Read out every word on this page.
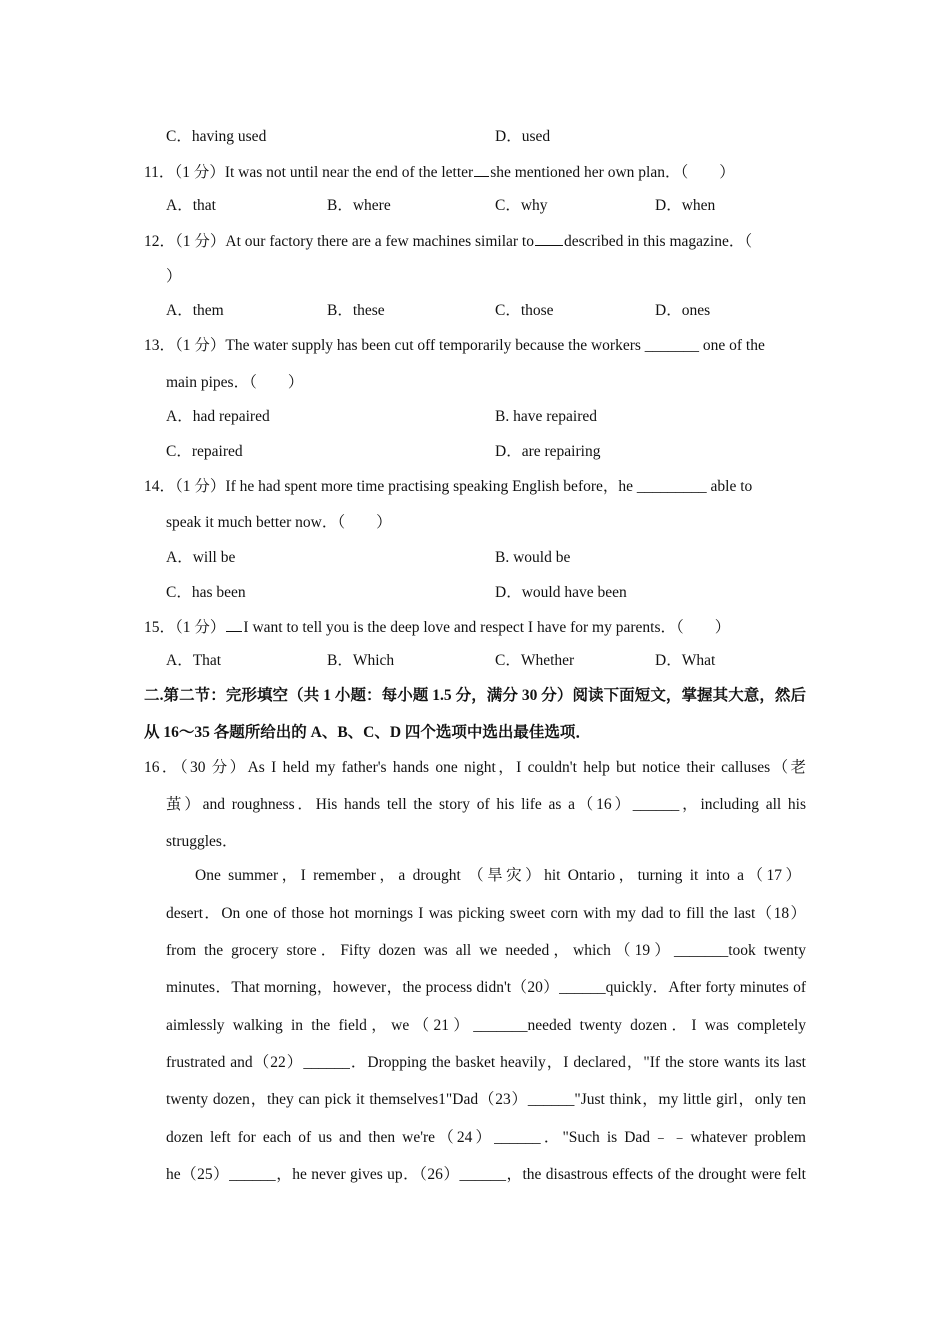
C．having used	D．used
11．（1 分）It was not until near the end of the letter she mentioned her own plan．（　　）
A．that	B．where	C．why	D．when
12．（1 分）At our factory there are a few machines similar to described in this magazine．（
）
A．them	B．these	C．those	D．ones
13．（1 分）The water supply has been cut off temporarily because the workers _______ one of the
main pipes．（　　）
A．had repaired	B. have repaired
C．repaired	D．are repairing
14．（1 分）If he had spent more time practising speaking English before，he _________ able to
speak it much better now．（　　）
A．will be	B. would be
C．has been	D．would have been
15．（1 分） I want to tell you is the deep love and respect I have for my parents．（　　）
A．That	B．Which	C．Whether	D．What
二.第二节：完形填空（共 1 小题：每小题 1.5 分，满分 30 分）阅读下面短文，掌握其大意，然后
从 16～35 各题所给出的 A、B、C、D 四个选项中选出最佳选项．
16．（30 分）As I held my father's hands one night，I couldn't help but notice their calluses（老
茧）and roughness．His hands tell the story of his life as a（16）______，including all his
struggles．
One summer，I remember，a drought （旱灾）hit Ontario，turning it into a（17）
desert．On one of those hot mornings I was picking sweet corn with my dad to fill the last（18）
from the grocery store．Fifty dozen was all we needed，which（19）_______took twenty
minutes．That morning，however，the process didn't（20）______quickly．After forty minutes of
aimlessly walking in the field，we（21）_______needed twenty dozen．I was completely
frustrated and（22）______．Dropping the basket heavily，I declared，"If the store wants its last
twenty dozen，they can pick it themselves1"Dad（23）______"Just think，my little girl，only ten
dozen left for each of us and then we're（24）______．"Such is Dad﹣﹣whatever problem
he（25）______，he never gives up．（26）______，the disastrous effects of the drought were felt
